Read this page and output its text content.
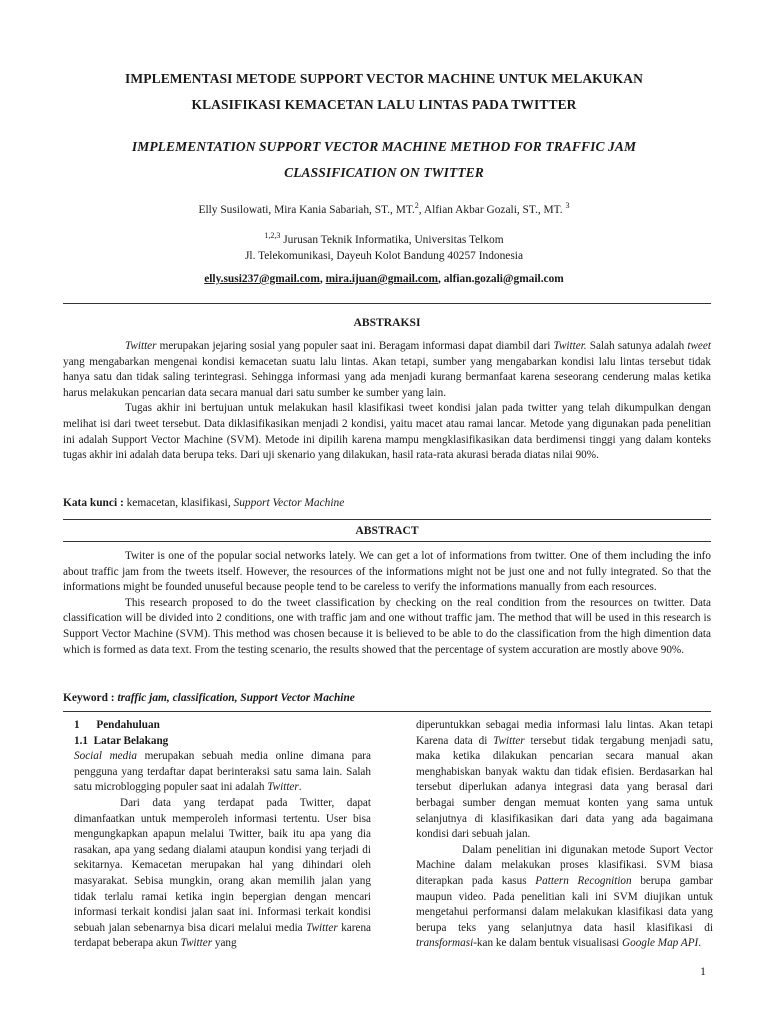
IMPLEMENTASI METODE SUPPORT VECTOR MACHINE UNTUK MELAKUKAN
KLASIFIKASI KEMACETAN LALU LINTAS PADA TWITTER
IMPLEMENTATION SUPPORT VECTOR MACHINE METHOD FOR TRAFFIC JAM
CLASSIFICATION ON TWITTER
Elly Susilowati, Mira Kania Sabariah, ST., MT.$^2$, Alfian Akbar Gozali, ST., MT. $^3$
$^{1,2,3}$ Jurusan Teknik Informatika, Universitas Telkom
Jl. Telekomunikasi, Dayeuh Kolot Bandung 40257 Indonesia
elly.susi237@gmail.com, mira.ijuan@gmail.com, alfian.gozali@gmail.com
ABSTRAKSI

Twitter merupakan jejaring sosial yang populer saat ini. Beragam informasi dapat diambil dari Twitter. Salah satunya adalah tweet yang mengabarkan mengenai kondisi kemacetan suatu lalu lintas. Akan tetapi, sumber yang mengabarkan kondisi lalu lintas tersebut tidak hanya satu dan tidak saling terintegrasi. Sehingga informasi yang ada menjadi kurang bermanfaat karena seseorang cenderung malas ketika harus melakukan pencarian data secara manual dari satu sumber ke sumber yang lain.

Tugas akhir ini bertujuan untuk melakukan hasil klasifikasi tweet kondisi jalan pada twitter yang telah dikumpulkan dengan melihat isi dari tweet tersebut. Data diklasifikasikan menjadi 2 kondisi, yaitu macet atau ramai lancar. Metode yang digunakan pada penelitian ini adalah Support Vector Machine (SVM). Metode ini dipilih karena mampu mengklasifikasikan data berdimensi tinggi yang dalam konteks tugas akhir ini adalah data berupa teks. Dari uji skenario yang dilakukan, hasil rata-rata akurasi berada diatas nilai 90%.

Kata kunci : kemacetan, klasifikasi, Support Vector Machine
ABSTRACT

Twiter is one of the popular social networks lately. We can get a lot of informations from twitter. One of them including the info about traffic jam from the tweets itself. However, the resources of the informations might not be just one and not fully integrated. So that the informations might be founded unuseful because people tend to be careless to verify the informations manually from each resources.

This research proposed to do the tweet classification by checking on the real condition from the resources on twitter. Data classification will be divided into 2 conditions, one with traffic jam and one without traffic jam. The method that will be used in this research is Support Vector Machine (SVM). This method was chosen because it is believed to be able to do the classification from the high dimention data which is formed as data text. From the testing scenario, the results showed that the percentage of system accuration are mostly above 90%.

Keyword : traffic jam, classification, Support Vector Machine

1      Pendahuluan

1.1  Latar Belakang

Social media merupakan sebuah media online dimana para pengguna yang terdaftar dapat berinteraksi satu sama lain. Salah satu microblogging populer saat ini adalah Twitter.

Dari data yang terdapat pada Twitter, dapat dimanfaatkan untuk memperoleh informasi tertentu. User bisa mengungkapkan apapun melalui Twitter, baik itu apa yang dia rasakan, apa yang sedang dialami ataupun kondisi yang terjadi di sekitarnya. Kemacetan merupakan hal yang dihindari oleh masyarakat. Sebisa mungkin, orang akan memilih jalan yang tidak terlalu ramai ketika ingin bepergian dengan mencari informasi terkait kondisi jalan saat ini. Informasi terkait kondisi sebuah jalan sebenarnya bisa dicari melalui media Twitter karena terdapat beberapa akun Twitter yang

diperuntukkan sebagai media informasi lalu lintas. Akan tetapi Karena data di Twitter tersebut tidak tergabung menjadi satu, maka ketika dilakukan pencarian secara manual akan menghabiskan banyak waktu dan tidak efisien. Berdasarkan hal tersebut diperlukan adanya integrasi data yang berasal dari berbagai sumber dengan memuat konten yang sama untuk selanjutnya di klasifikasikan dari data yang ada bagaimana kondisi dari sebuah jalan.

Dalam penelitian ini digunakan metode Suport Vector Machine dalam melakukan proses klasifikasi. SVM biasa diterapkan pada kasus Pattern Recognition berupa gambar maupun video. Pada penelitian kali ini SVM diujikan untuk mengetahui performansi dalam melakukan klasifikasi data yang berupa teks yang selanjutnya data hasil klasifikasi di transformasi-kan ke dalam bentuk visualisasi Google Map API.

1
